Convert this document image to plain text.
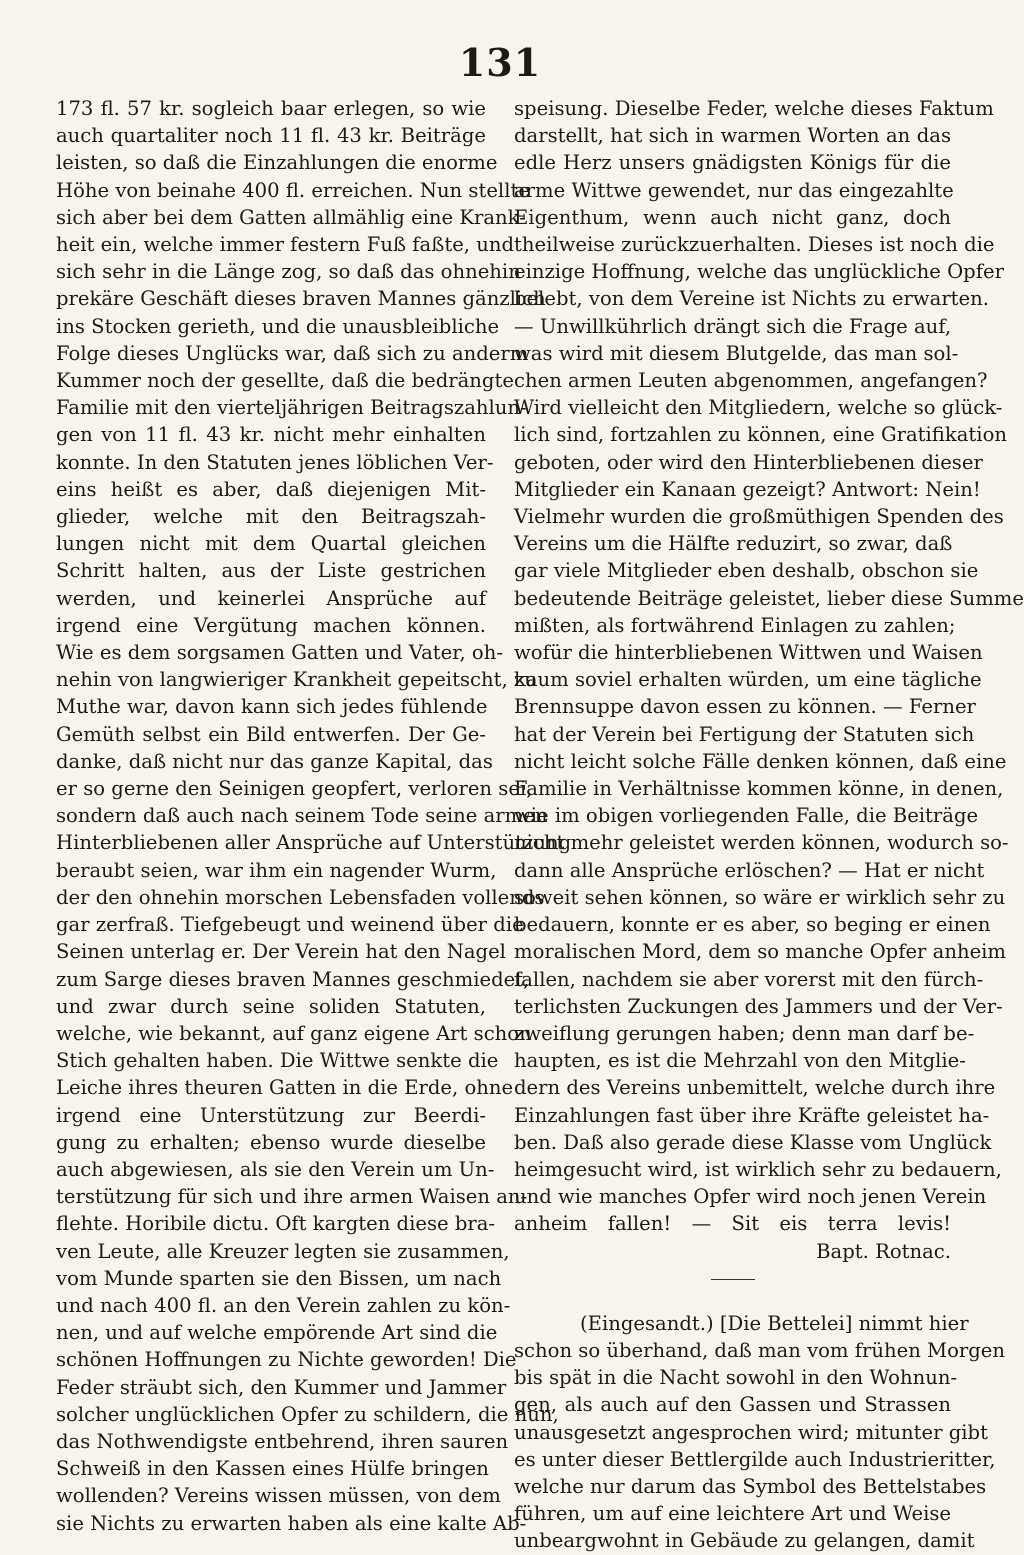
131
173 fl. 57 kr. sogleich baar erlegen, so wie
auch quartaliter noch 11 fl. 43 kr. Beiträge
leisten, so daß die Einzahlungen die enorme
Höhe von beinahe 400 fl. erreichen. Nun stellte
sich aber bei dem Gatten allmählig eine Krank-
heit ein, welche immer festern Fuß faßte, und
sich sehr in die Länge zog, so daß das ohnehin
prekäre Geschäft dieses braven Mannes gänzlich
ins Stocken gerieth, und die unausbleibliche
Folge dieses Unglücks war, daß sich zu anderm
Kummer noch der gesellte, daß die bedrängte
Familie mit den vierteljährigen Beitragszahlun-
gen von 11 fl. 43 kr. nicht mehr einhalten
konnte. In den Statuten jenes löblichen Ver-
eins heißt es aber, daß diejenigen Mit-
glieder, welche mit den Beitragszah-
lungen nicht mit dem Quartal gleichen
Schritt halten, aus der Liste gestrichen
werden, und keinerlei Ansprüche auf
irgend eine Vergütung machen können.
Wie es dem sorgsamen Gatten und Vater, oh-
nehin von langwieriger Krankheit gepeitscht, zu
Muthe war, davon kann sich jedes fühlende
Gemüth selbst ein Bild entwerfen. Der Ge-
danke, daß nicht nur das ganze Kapital, das
er so gerne den Seinigen geopfert, verloren sei,
sondern daß auch nach seinem Tode seine armen
Hinterbliebenen aller Ansprüche auf Unterstützung
beraubt seien, war ihm ein nagender Wurm,
der den ohnehin morschen Lebensfaden vollends
gar zerfraß. Tiefgebeugt und weinend über die
Seinen unterlag er. Der Verein hat den Nagel
zum Sarge dieses braven Mannes geschmiedet,
und zwar durch seine soliden Statuten,
welche, wie bekannt, auf ganz eigene Art schon
Stich gehalten haben. Die Wittwe senkte die
Leiche ihres theuren Gatten in die Erde, ohne
irgend eine Unterstützung zur Beerdi-
gung zu erhalten; ebenso wurde dieselbe
auch abgewiesen, als sie den Verein um Un-
terstützung für sich und ihre armen Waisen an-
flehte. Horibile dictu. Oft kargten diese bra-
ven Leute, alle Kreuzer legten sie zusammen,
vom Munde sparten sie den Bissen, um nach
und nach 400 fl. an den Verein zahlen zu kön-
nen, und auf welche empörende Art sind die
schönen Hoffnungen zu Nichte geworden! Die
Feder sträubt sich, den Kummer und Jammer
solcher unglücklichen Opfer zu schildern, die nun,
das Nothwendigste entbehrend, ihren sauren
Schweiß in den Kassen eines Hülfe bringen
wollenden? Vereins wissen müssen, von dem
sie Nichts zu erwarten haben als eine kalte Ab-
speisung. Dieselbe Feder, welche dieses Faktum
darstellt, hat sich in warmen Worten an das
edle Herz unsers gnädigsten Königs für die
arme Wittwe gewendet, nur das eingezahlte
Eigenthum, wenn auch nicht ganz, doch
theilweise zurückzuerhalten. Dieses ist noch die
einzige Hoffnung, welche das unglückliche Opfer
belebt, von dem Vereine ist Nichts zu erwarten.
— Unwillkührlich drängt sich die Frage auf,
was wird mit diesem Blutgelde, das man sol-
chen armen Leuten abgenommen, angefangen?
Wird vielleicht den Mitgliedern, welche so glück-
lich sind, fortzahlen zu können, eine Gratifikation
geboten, oder wird den Hinterbliebenen dieser
Mitglieder ein Kanaan gezeigt? Antwort: Nein!
Vielmehr wurden die großmüthigen Spenden des
Vereins um die Hälfte reduzirt, so zwar, daß
gar viele Mitglieder eben deshalb, obschon sie
bedeutende Beiträge geleistet, lieber diese Summe
mißten, als fortwährend Einlagen zu zahlen;
wofür die hinterbliebenen Wittwen und Waisen
kaum soviel erhalten würden, um eine tägliche
Brennsuppe davon essen zu können. — Ferner
hat der Verein bei Fertigung der Statuten sich
nicht leicht solche Fälle denken können, daß eine
Familie in Verhältnisse kommen könne, in denen,
wie im obigen vorliegenden Falle, die Beiträge
nicht mehr geleistet werden können, wodurch so-
dann alle Ansprüche erlöschen? — Hat er nicht
soweit sehen können, so wäre er wirklich sehr zu
bedauern, konnte er es aber, so beging er einen
moralischen Mord, dem so manche Opfer anheim
fallen, nachdem sie aber vorerst mit den fürch-
terlichsten Zuckungen des Jammers und der Ver-
zweiflung gerungen haben; denn man darf be-
haupten, es ist die Mehrzahl von den Mitglie-
dern des Vereins unbemittelt, welche durch ihre
Einzahlungen fast über ihre Kräfte geleistet ha-
ben. Daß also gerade diese Klasse vom Unglück
heimgesucht wird, ist wirklich sehr zu bedauern,
und wie manches Opfer wird noch jenen Verein
anheim fallen! — Sit eis terra levis!
Bapt. Rotnac.
(Eingesandt.) [Die Bettelei] nimmt hier
schon so überhand, daß man vom frühen Morgen
bis spät in die Nacht sowohl in den Wohnun-
gen, als auch auf den Gassen und Strassen
unausgesetzt angesprochen wird; mitunter gibt
es unter dieser Bettlergilde auch Industrieritter,
welche nur darum das Symbol des Bettelstabes
führen, um auf eine leichtere Art und Weise
unbeargwohnt in Gebäude zu gelangen, damit
